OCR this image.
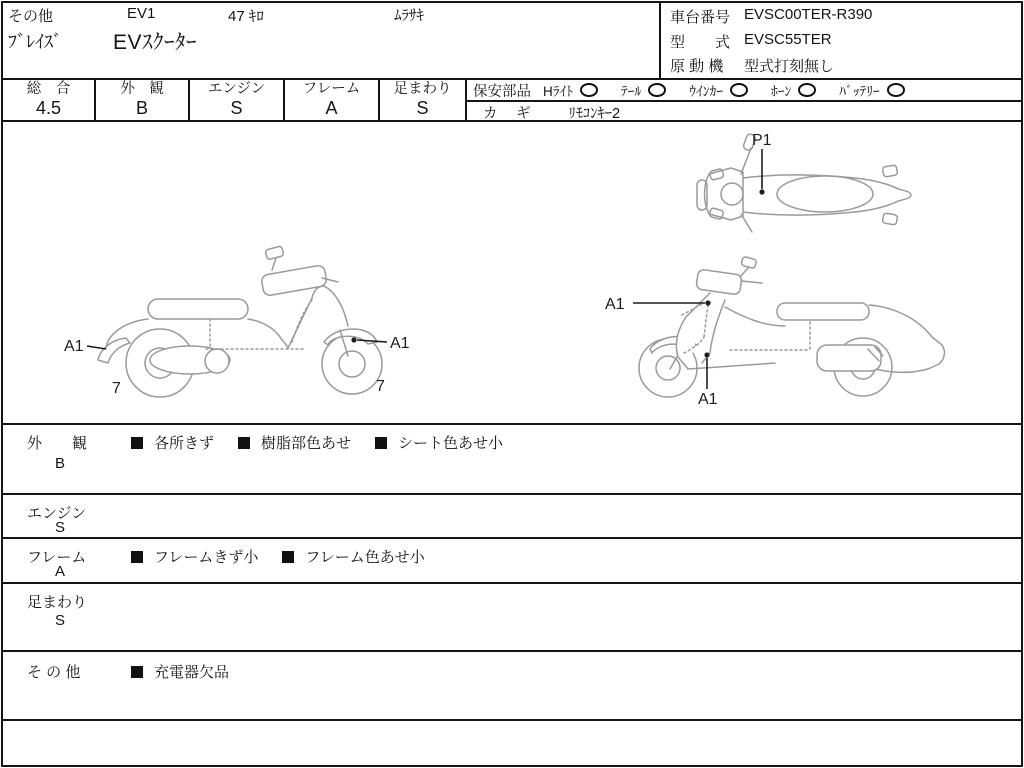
その他	EV1	47 ｷﾛ	ﾑﾗｻｷ
ﾌﾞﾚｲｽﾞ EVｽｸｰﾀｰ
車台番号 EVSC00TER-R390
型　　式 EVSC55TER
原 動 機	型式打刻無し
総　合
4.5
外　観
B
エンジン
S
フレーム
A
足まわり
S
保安部品 Hﾗｲﾄ	ﾃｰﾙ	ｳｲﾝｶｰ	ﾎｰﾝ	ﾊﾞｯﾃﾘｰ
カ　ギ ﾘﾓｺﾝｷｰ2
P1
A1	A1
7	7
A1
A1
外　　観
B
各所きず	樹脂部色あせ	シート色あせ小
エンジン
S
フレーム
A
フレームきず小	フレーム色あせ小
足まわり
S
そ の 他	充電器欠品
